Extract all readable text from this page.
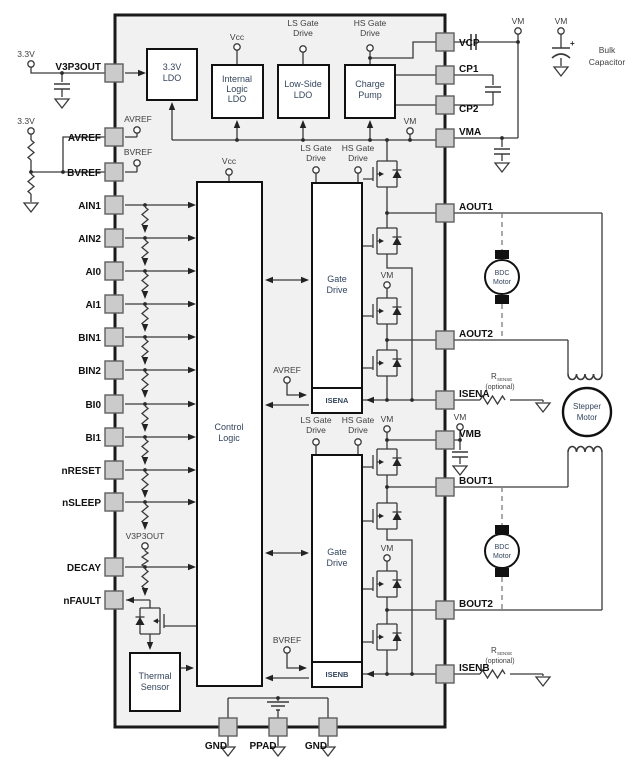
3.3V
LDO	Internal
Logic
LDO
Low-Side
LDO
Charge
Pump
Control
Logic
Gate
Drive
ISENA
Gate
Drive
ISENB
Thermal
Sensor
3.3V
3.3V
Vcc
LS Gate
Drive
HS Gate
Drive
VM
Vcc
LS Gate
Drive
HS Gate
Drive
LS Gate
Drive
HS Gate
Drive
AVREF
BVREF
AVREF
BVREF
VM
VM
VM
V3P3OUT
VM	VM
VM
BDC
Motor
BDC
Motor
Stepper
Motor
+
Bulk
Capacitor
R SENSE
(optional)
R SENSE
(optional)
V3P3OUT
AVREF
BVREF
AIN1
AIN2
AI0
AI1
BIN1
BIN2
BI0
BI1
nRESET
nSLEEP
DECAY
nFAULT
VCP
CP1
CP2
VMA
AOUT1
AOUT2
ISENA
VMB
BOUT1
BOUT2
ISENB
GND PPAD	GND
